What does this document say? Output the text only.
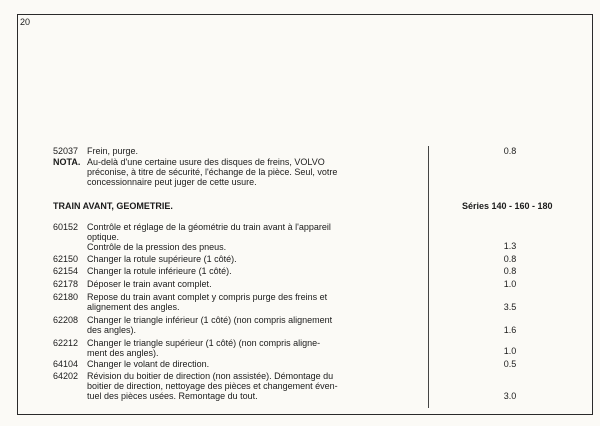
20
52037 Frein, purge.	0.8
NOTA. Au-delà d'une certaine usure des disques de freins, VOLVO
préconise, à titre de sécurité, l'échange de la pièce. Seul, votre
concessionnaire peut juger de cette usure.
TRAIN AVANT, GEOMETRIE.	Séries 140 - 160 - 180
60152 Contrôle et réglage de la géométrie du train avant à l'appareil
optique.
Contrôle de la pression des pneus.	1.3
62150 Changer la rotule supérieure (1 côté).	0.8
62154 Changer la rotule inférieure (1 côté).	0.8
62178 Déposer le train avant complet.	1.0
62180 Repose du train avant complet y compris purge des freins et
alignement des angles.	3.5
62208 Changer le triangle inférieur (1 côté) (non compris alignement
des angles).	1.6
62212 Changer le triangle supérieur (1 côté) (non compris aligne-
ment des angles).	1.0
64104 Changer le volant de direction.	0.5
64202 Révision du boitier de direction (non assistée). Démontage du
boitier de direction, nettoyage des pièces et changement éven-
tuel des pièces usées. Remontage du tout.	3.0
